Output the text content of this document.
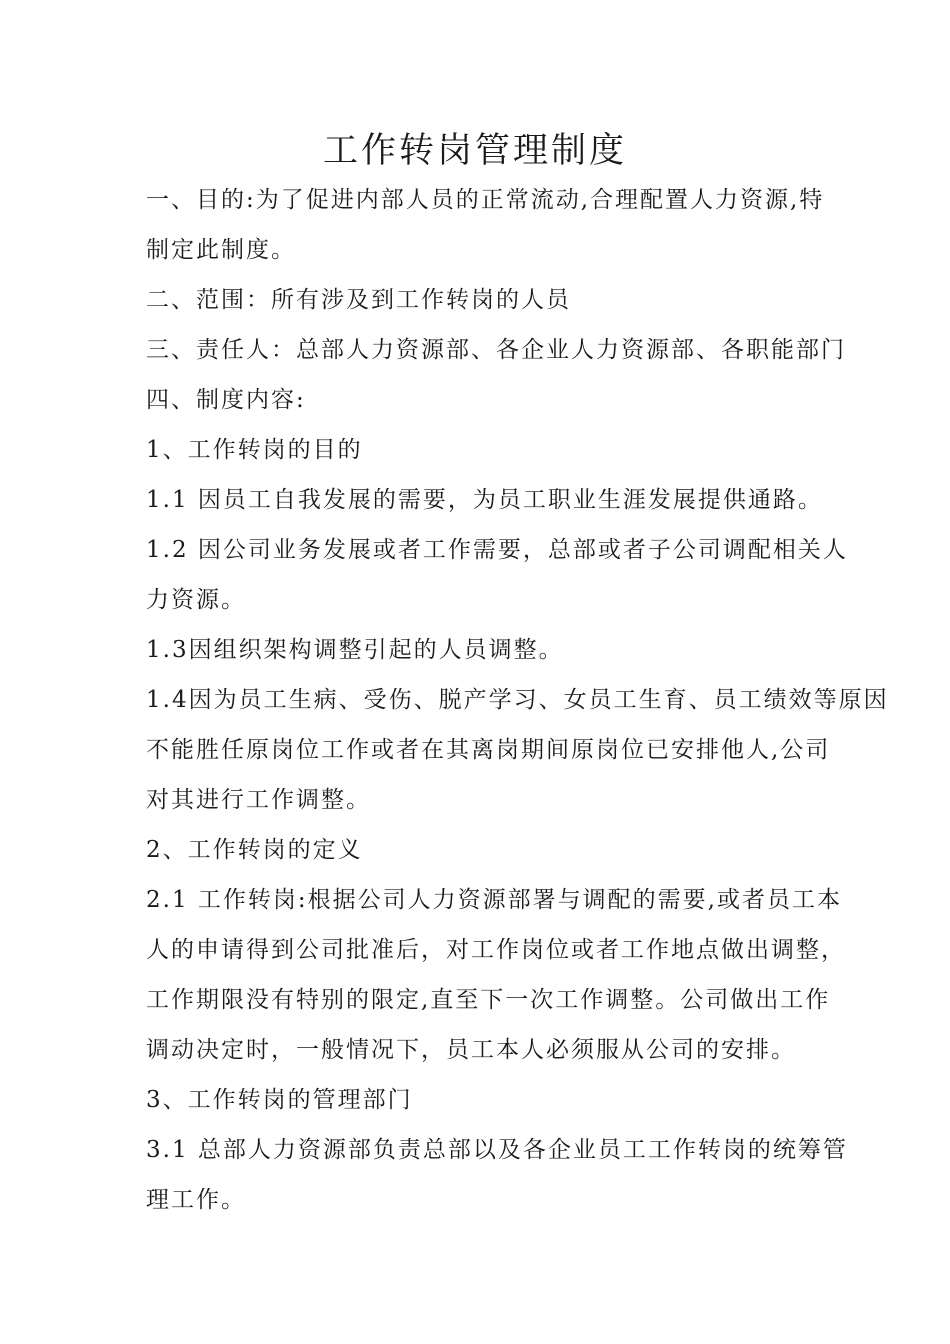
工作转岗管理制度
一、目的:为了促进内部人员的正常流动,合理配置人力资源,特
制定此制度。
二、范围：所有涉及到工作转岗的人员
三、责任人：总部人力资源部、各企业人力资源部、各职能部门
四、制度内容:
1、工作转岗的目的
1.1 因员工自我发展的需要，为员工职业生涯发展提供通路。
1.2 因公司业务发展或者工作需要，总部或者子公司调配相关人
力资源。
1.3因组织架构调整引起的人员调整。
1.4因为员工生病、受伤、脱产学习、女员工生育、员工绩效等原因
不能胜任原岗位工作或者在其离岗期间原岗位已安排他人,公司
对其进行工作调整。
2、工作转岗的定义
2.1 工作转岗:根据公司人力资源部署与调配的需要,或者员工本
人的申请得到公司批准后，对工作岗位或者工作地点做出调整，
工作期限没有特别的限定,直至下一次工作调整。公司做出工作
调动决定时，一般情况下，员工本人必须服从公司的安排。
3、工作转岗的管理部门
3.1 总部人力资源部负责总部以及各企业员工工作转岗的统筹管
理工作。
